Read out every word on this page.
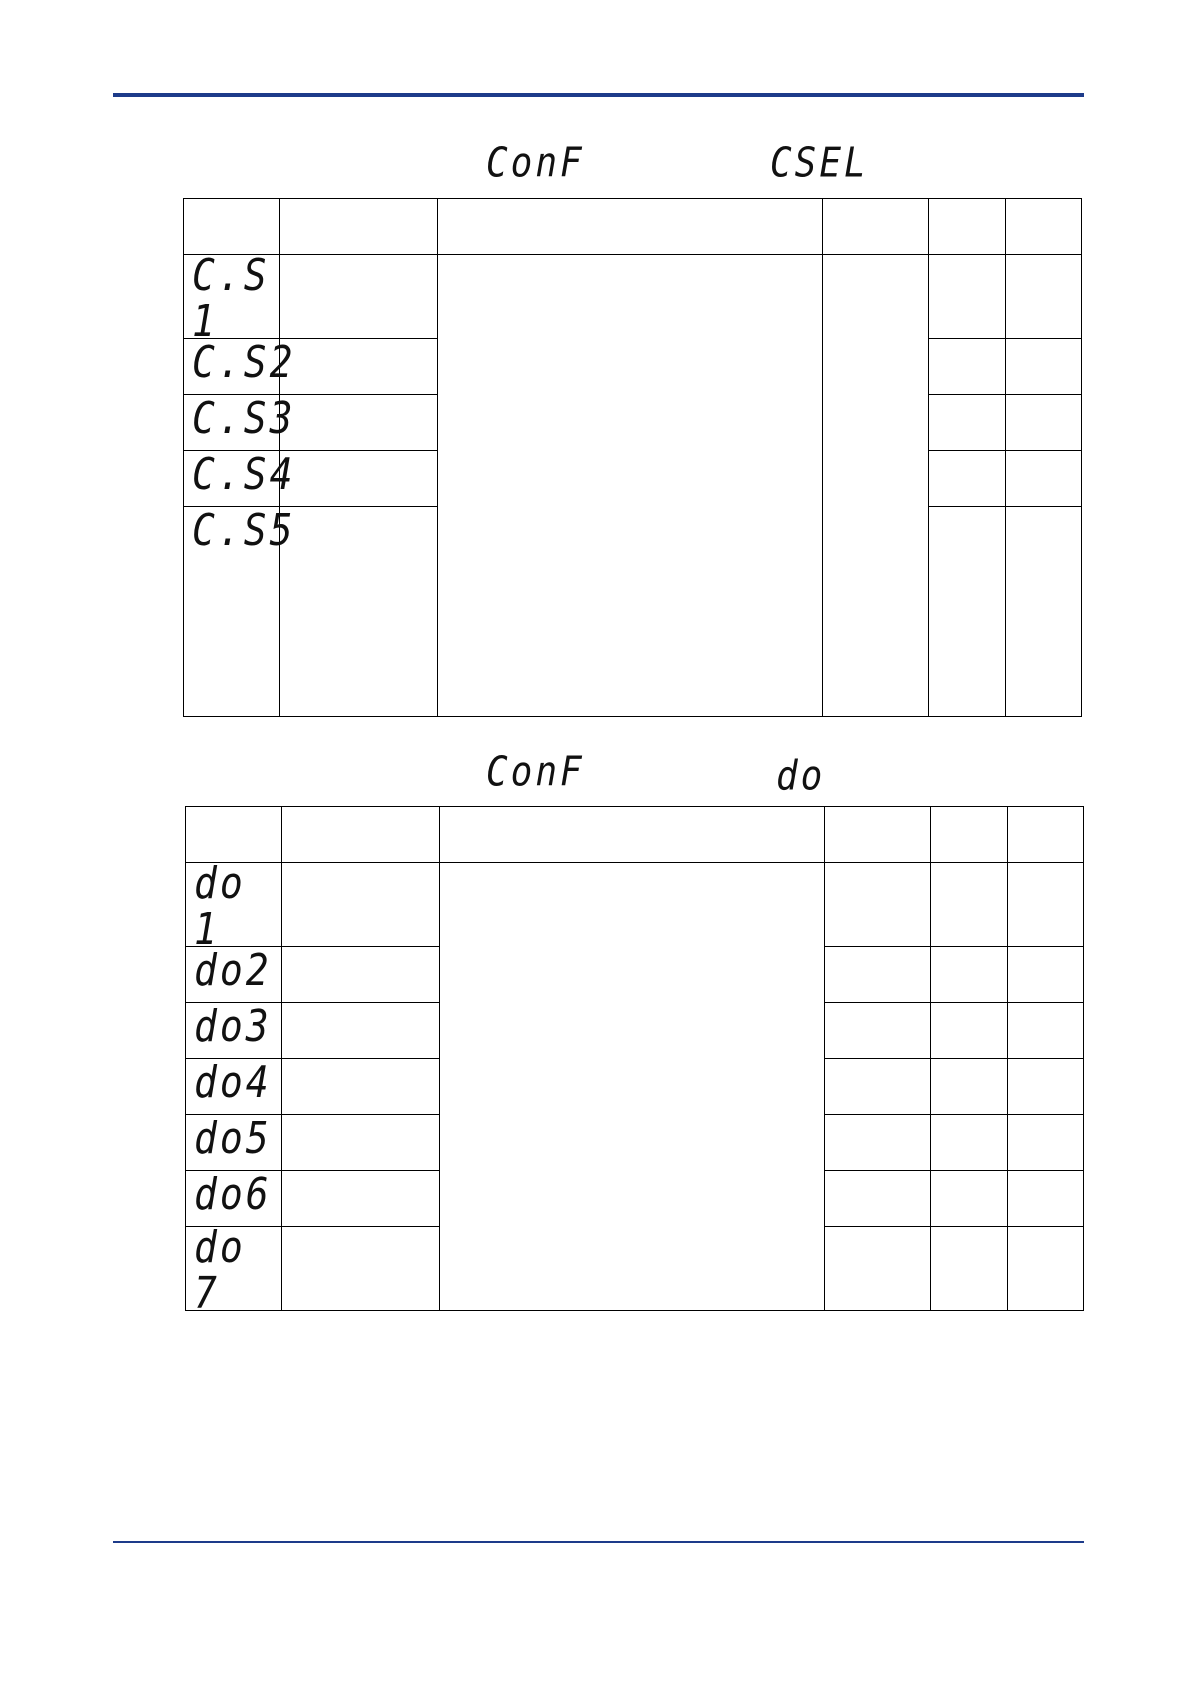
ConF	CSEL

C.S 1					
C.S2					
C.S3					
C.S4					
C.S5					
ConF	do

do 1					
do2					
do3					
do4					
do5					
do6					
do 7					
